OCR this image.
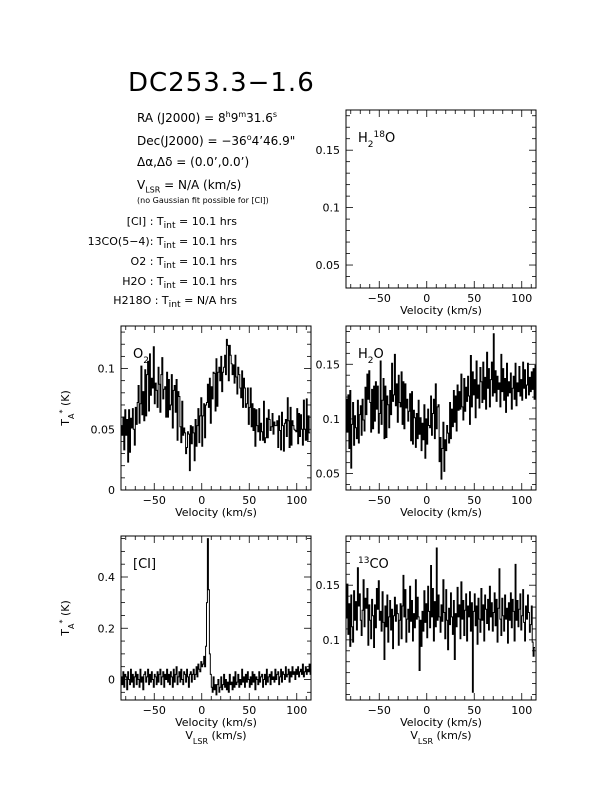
DC253.3−1.6
RA $(J2000) = 8^h9^m31.6^s$
$Dec(J2000) = -36^o4’46.9$"
Δα,Δδ = (0.0’,0.0’)
$V_{LSR} = N/A$ (km/s)
(no Gaussian fit possible for [CI])
[CI] : $T_{int} = 10.1$ hrs
13CO(5−4): $T_{int} = 10.1$ hrs
O2 : $T_{int} = 10.1$ hrs
H2O : $T_{int} = 10.1$ hrs
H218O : $T_{int} = N/A$ hrs	−50	0	50	100
0.05
0.1
0.15
Velocity (km/s)
$H_2^{18}O$
−50	0	50	100
0
0.05
0.1
Velocity (km/s)
$T_A^*$ (K)
$O_2$
−50	0	50	100
0.05
0.1
0.15
Velocity (km/s)
$H_2O$
−50	0	50	100
0
0.2
0.4
Velocity (km/s)
$V_{LSR}$ (km/s)
$T_A^*$ (K)
[CI]
−50	0	50	100
0.1
0.15
Velocity (km/s)
$V_{LSR}$ (km/s)
$^{13}$CO
